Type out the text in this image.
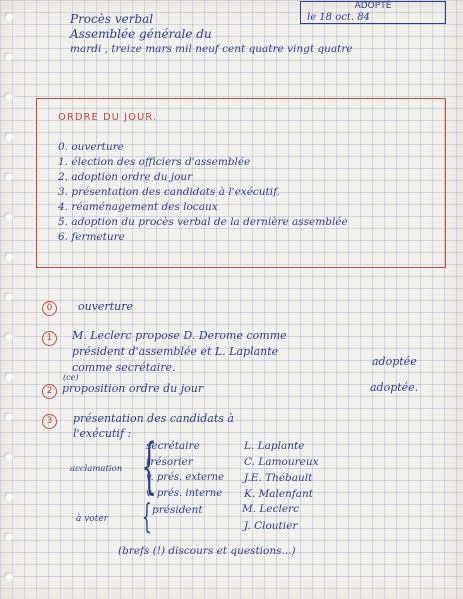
ADOPTÉ
le 18 oct. 84
Procès verbal
Assemblée générale du
mardi , treize mars mil neuf cent quatre vingt quatre
ORDRE DU JOUR.
0. ouverture
1. élection des officiers d'assemblée
2. adoption ordre du jour
3. présentation des candidats à l'exécutif.
4. réaménagement des locaux
5. adoption du procès verbal de la dernière assemblée
6. fermeture
0	ouverture
1	M. Leclerc propose D. Derome comme
président d'assemblée et L. Laplante
comme secrétaire.	adoptée
2
(ce)
proposition ordre du jour	adoptée.
3	présentation des candidats à
l'exécutif :
acclamation {
secrétaire	L. Laplante
trésorier	C. Lamoureux
v. prés. externe J.E. Thébault
v. prés. interne K. Malenfant
à voter { président	M. Leclerc
J. Cloutier
(brefs (!) discours et questions...)
